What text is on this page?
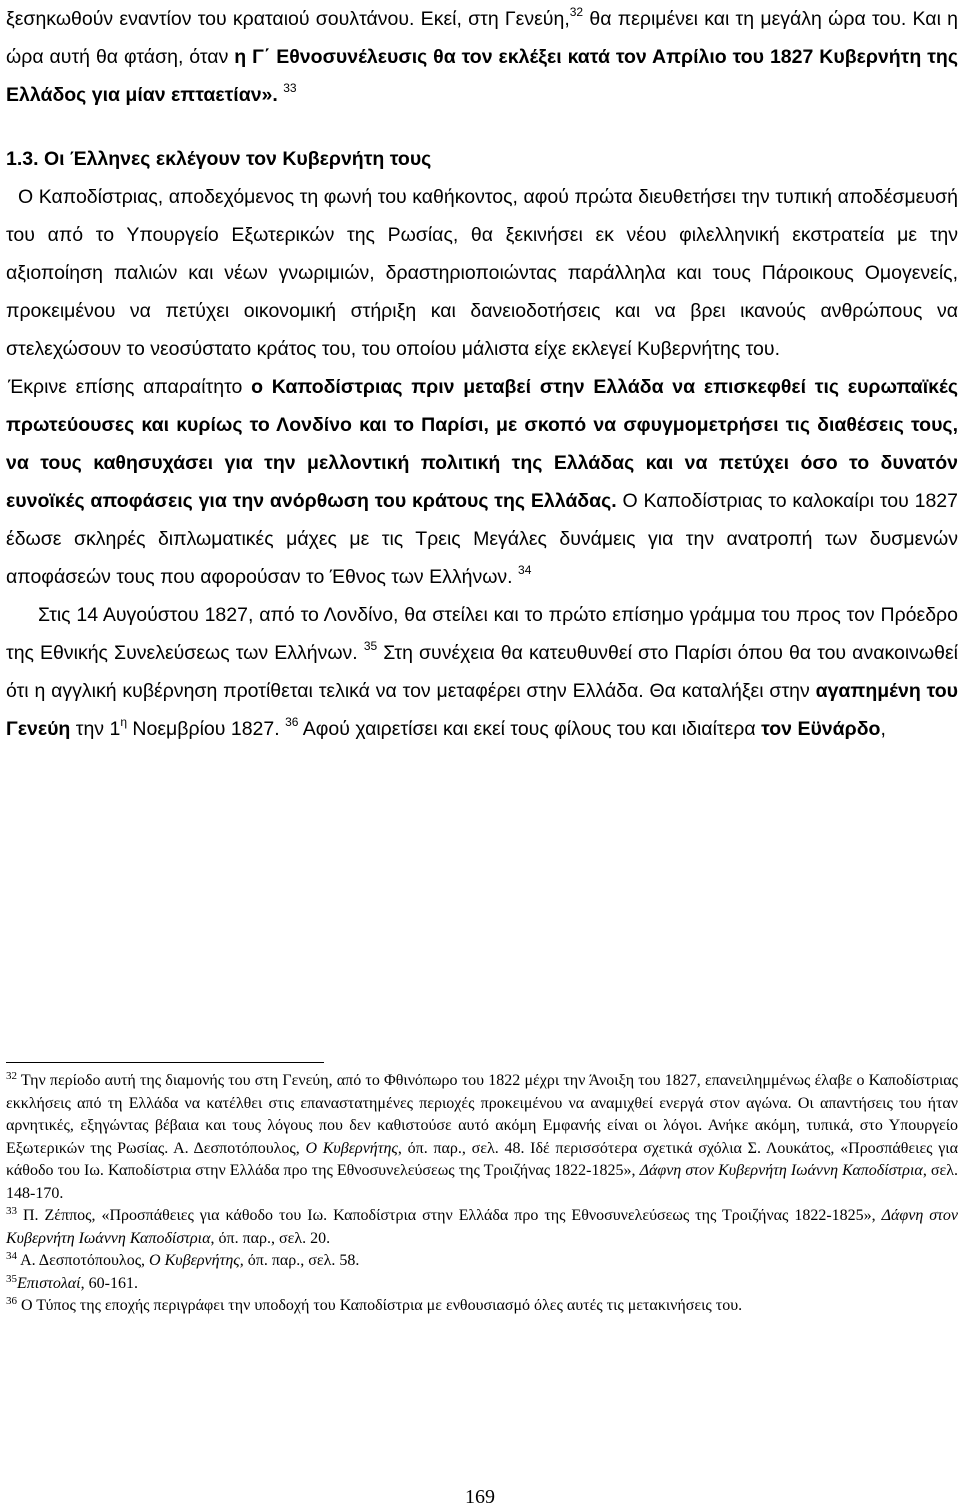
ξεσηκωθούν εναντίον του κραταιού σουλτάνου. Εκεί, στη Γενεύη,$^{32}$ θα περιμένει και τη μεγάλη ώρα του. Και η ώρα αυτή θα φτάση, όταν η Γ΄ Εθνοσυνέλευσις θα τον εκλέξει κατά τον Απρίλιο του 1827 Κυβερνήτη της Ελλάδος για μίαν επταετίαν». $^{33}$

1.3. Οι Έλληνες εκλέγουν τον Κυβερνήτη τους

Ο Καποδίστριας, αποδεχόμενος τη φωνή του καθήκοντος, αφού πρώτα διευθετήσει την τυπική αποδέσμευσή του από το Υπουργείο Εξωτερικών της Ρωσίας, θα ξεκινήσει εκ νέου φιλελληνική εκστρατεία με την αξιοποίηση παλιών και νέων γνωριμιών, δραστηριοποιώντας παράλληλα και τους Πάροικους Ομογενείς, προκειμένου να πετύχει οικονομική στήριξη και δανειοδοτήσεις και να βρει ικανούς ανθρώπους να στελεχώσουν το νεοσύστατο κράτος του, του οποίου μάλιστα είχε εκλεγεί Κυβερνήτης του.

Έκρινε επίσης απαραίτητο ο Καποδίστριας πριν μεταβεί στην Ελλάδα να επισκεφθεί τις ευρωπαϊκές πρωτεύουσες και κυρίως το Λονδίνο και το Παρίσι, με σκοπό να σφυγμομετρήσει τις διαθέσεις τους, να τους καθησυχάσει για την μελλοντική πολιτική της Ελλάδας και να πετύχει όσο το δυνατόν ευνοϊκές αποφάσεις για την ανόρθωση του κράτους της Ελλάδας. Ο Καποδίστριας το καλοκαίρι του 1827 έδωσε σκληρές διπλωματικές μάχες με τις Τρεις Μεγάλες δυνάμεις για την ανατροπή των δυσμενών αποφάσεών τους που αφορούσαν το Έθνος των Ελλήνων. $^{34}$

Στις 14 Αυγούστου 1827, από το Λονδίνο, θα στείλει και το πρώτο επίσημο γράμμα του προς τον Πρόεδρο της Εθνικής Συνελεύσεως των Ελλήνων. $^{35}$ Στη συνέχεια θα κατευθυνθεί στο Παρίσι όπου θα του ανακοινωθεί ότι η αγγλική κυβέρνηση προτίθεται τελικά να τον μεταφέρει στην Ελλάδα. Θα καταλήξει στην αγαπημένη του Γενεύη την $1^\eta$ Νοεμβρίου 1827. $^{36}$ Αφού χαιρετίσει και εκεί τους φίλους του και ιδιαίτερα τον Εϋνάρδο,

$^{32}$ Την περίοδο αυτή της διαμονής του στη Γενεύη, από το Φθινόπωρο του 1822 μέχρι την Άνοιξη του 1827, επανειλημμένως έλαβε ο Καποδίστριας εκκλήσεις από τη Ελλάδα να κατέλθει στις επαναστατημένες περιοχές προκειμένου να αναμιχθεί ενεργά στον αγώνα. Οι απαντήσεις του ήταν αρνητικές, εξηγώντας βέβαια και τους λόγους που δεν καθιστούσε αυτό ακόμη Εμφανής είναι οι λόγοι. Ανήκε ακόμη, τυπικά, στο Υπουργείο Εξωτερικών της Ρωσίας. Α. Δεσποτόπουλος, Ο Κυβερνήτης, όπ. παρ., σελ. 48. Ιδέ περισσότερα σχετικά σχόλια Σ. Λουκάτος, «Προσπάθειες για κάθοδο του Ιω. Καποδίστρια στην Ελλάδα προ της Εθνοσυνελεύσεως της Τροιζήνας 1822-1825», Δάφνη στον Κυβερνήτη Ιωάννη Καποδίστρια, σελ. 148-170.

$^{33}$ Π. Ζέππος, «Προσπάθειες για κάθοδο του Ιω. Καποδίστρια στην Ελλάδα προ της Εθνοσυνελεύσεως της Τροιζήνας 1822-1825», Δάφνη στον Κυβερνήτη Ιωάννη Καποδίστρια, όπ. παρ., σελ. 20.

$^{34}$ Α. Δεσποτόπουλος, Ο Κυβερνήτης, όπ. παρ., σελ. 58.

$^{35}$Επιστολαί, 60-161.

$^{36}$ Ο Τύπος της εποχής περιγράφει την υποδοχή του Καποδίστρια με ενθουσιασμό όλες αυτές τις μετακινήσεις του.

169
